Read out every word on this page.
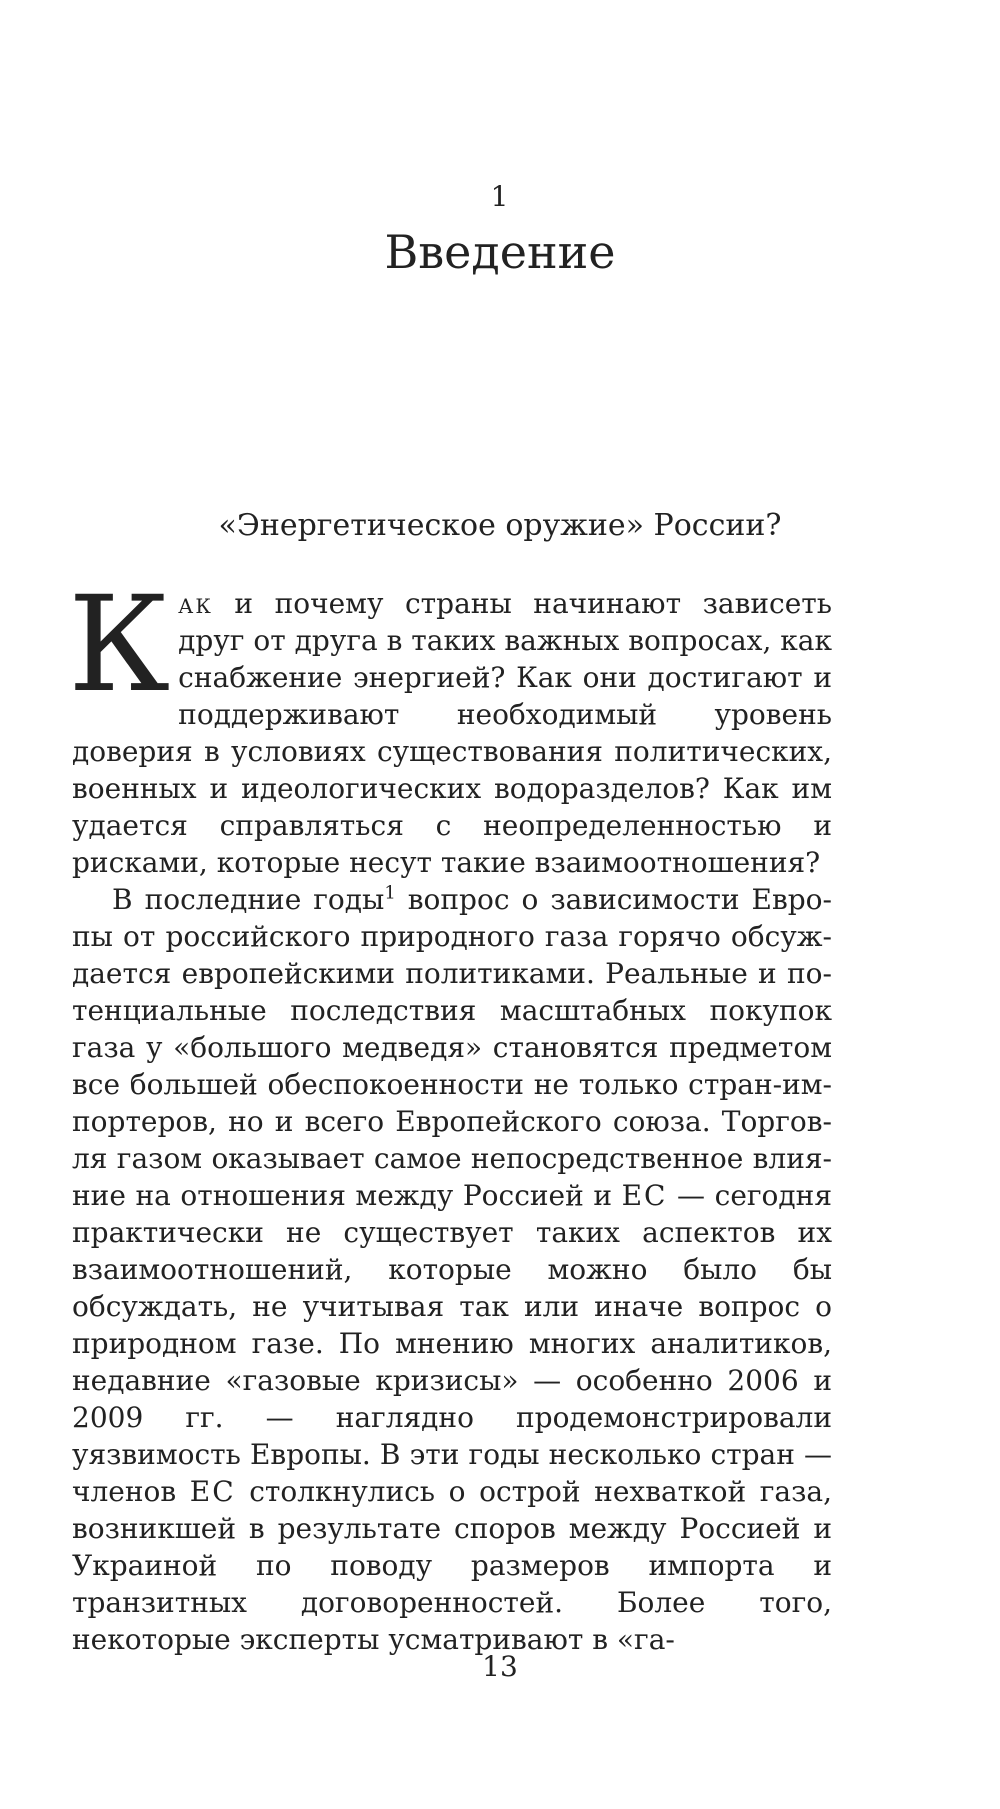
1
Введение
«Энергетическое оружие» России?

Как и почему страны начинают зависеть друг от друга в таких важных вопросах, как снабжение энергией? Как они достигают и поддерживают необходимый уровень доверия в условиях существования политических, военных и идеологических водоразделов? Как им удается справляться с неопределенностью и рисками, которые несут такие взаимоотношения?

В последние годы$^1$ вопрос о зависимости Европы от российского природного газа горячо обсуждается европейскими политиками. Реальные и потенциальные последствия масштабных покупок газа у «большого медведя» становятся предметом все большей обеспокоенности не только стран-импортеров, но и всего Европейского союза. Торговля газом оказывает самое непосредственное влияние на отношения между Россией и ЕС — сегодня практически не существует таких аспектов их взаимоотношений, которые можно было бы обсуждать, не учитывая так или иначе вопрос о природном газе. По мнению многих аналитиков, недавние «газовые кризисы» — особенно 2006 и 2009 гг. — наглядно продемонстрировали уязвимость Европы. В эти годы несколько стран — членов ЕС столкнулись о острой нехваткой газа, возникшей в результате споров между Россией и Украиной по поводу размеров импорта и транзитных договоренностей. Более того, некоторые эксперты усматривают в «га-

13
